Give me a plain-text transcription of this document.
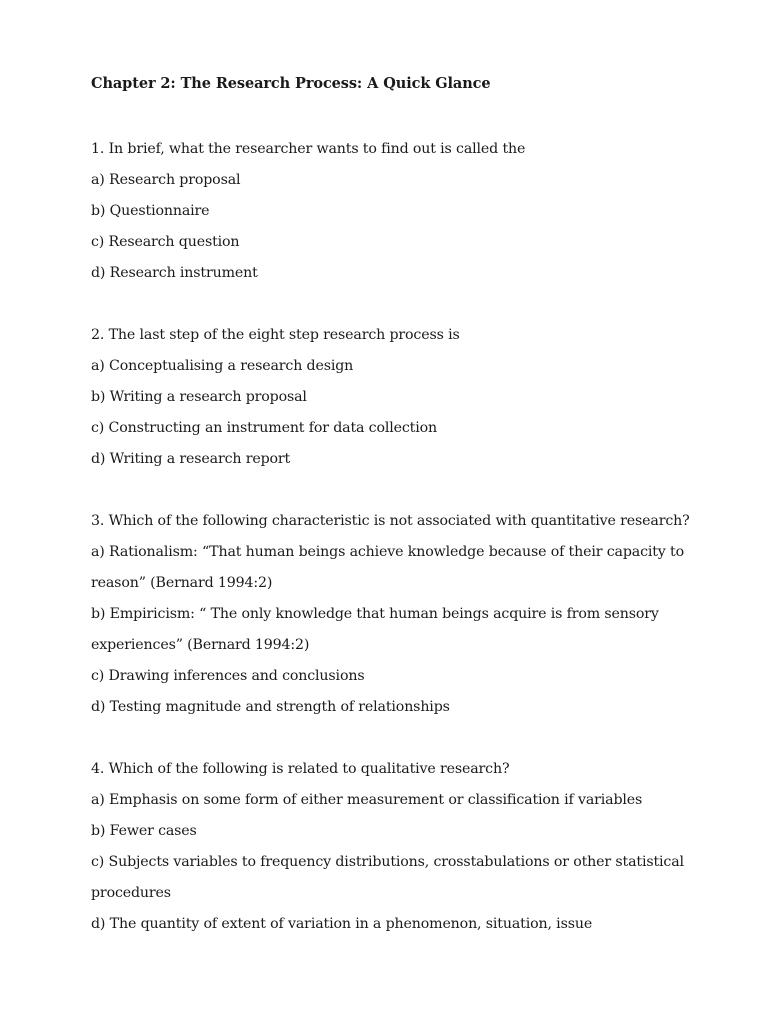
Chapter 2: The Research Process: A Quick Glance

1. In brief, what the researcher wants to find out is called the

a) Research proposal

b) Questionnaire

c) Research question

d) Research instrument

2. The last step of the eight step research process is

a) Conceptualising a research design

b) Writing a research proposal

c) Constructing an instrument for data collection

d) Writing a research report

3. Which of the following characteristic is not associated with quantitative research?

a) Rationalism: “That human beings achieve knowledge because of their capacity to

reason” (Bernard 1994:2)

b) Empiricism: “ The only knowledge that human beings acquire is from sensory

experiences” (Bernard 1994:2)

c) Drawing inferences and conclusions

d) Testing magnitude and strength of relationships

4. Which of the following is related to qualitative research?

a) Emphasis on some form of either measurement or classification if variables

b) Fewer cases

c) Subjects variables to frequency distributions, crosstabulations or other statistical

procedures

d) The quantity of extent of variation in a phenomenon, situation, issue
